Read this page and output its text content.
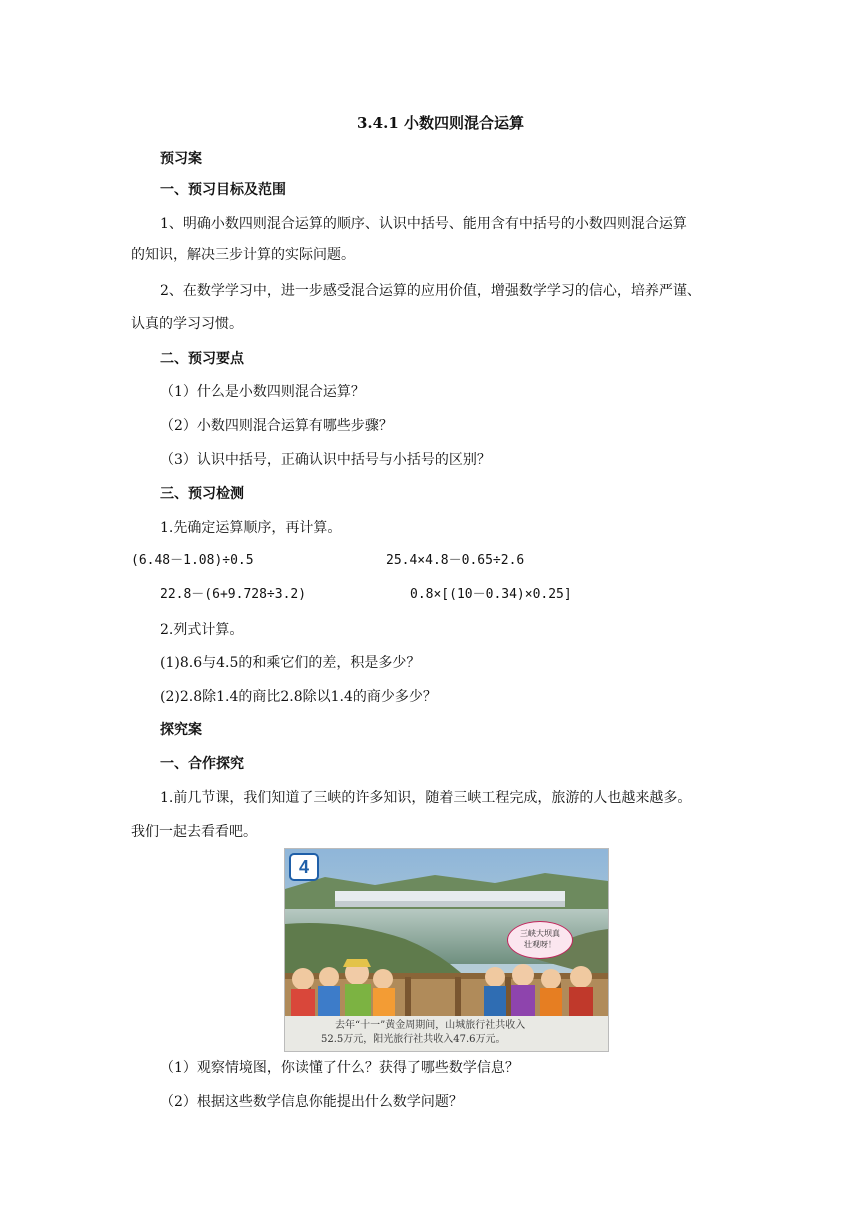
3.4.1 小数四则混合运算
预习案
一、预习目标及范围
1、明确小数四则混合运算的顺序、认识中括号、能用含有中括号的小数四则混合运算
的知识，解决三步计算的实际问题。
2、在数学学习中，进一步感受混合运算的应用价值，增强数学学习的信心，培养严谨、
认真的学习习惯。
二、预习要点
（1）什么是小数四则混合运算？
（2）小数四则混合运算有哪些步骤？
（3）认识中括号，正确认识中括号与小括号的区别？
三、预习检测
1.先确定运算顺序，再计算。
(6.48－1.08)÷0.5	25.4×4.8－0.65÷2.6
22.8－(6+9.728÷3.2)	0.8×[(10－0.34)×0.25]
2.列式计算。
(1)8.6与4.5的和乘它们的差，积是多少？
(2)2.8除1.4的商比2.8除以1.4的商少多少？
探究案
一、合作探究
1.前几节课，我们知道了三峡的许多知识，随着三峡工程完成，旅游的人也越来越多。
我们一起去看看吧。
4
三峡大坝真
壮观呀！
去年“十一”黄金周期间，山城旅行社共收入
52.5万元，阳光旅行社共收入47.6万元。
（1）观察情境图，你读懂了什么？获得了哪些数学信息？
（2）根据这些数学信息你能提出什么数学问题？
